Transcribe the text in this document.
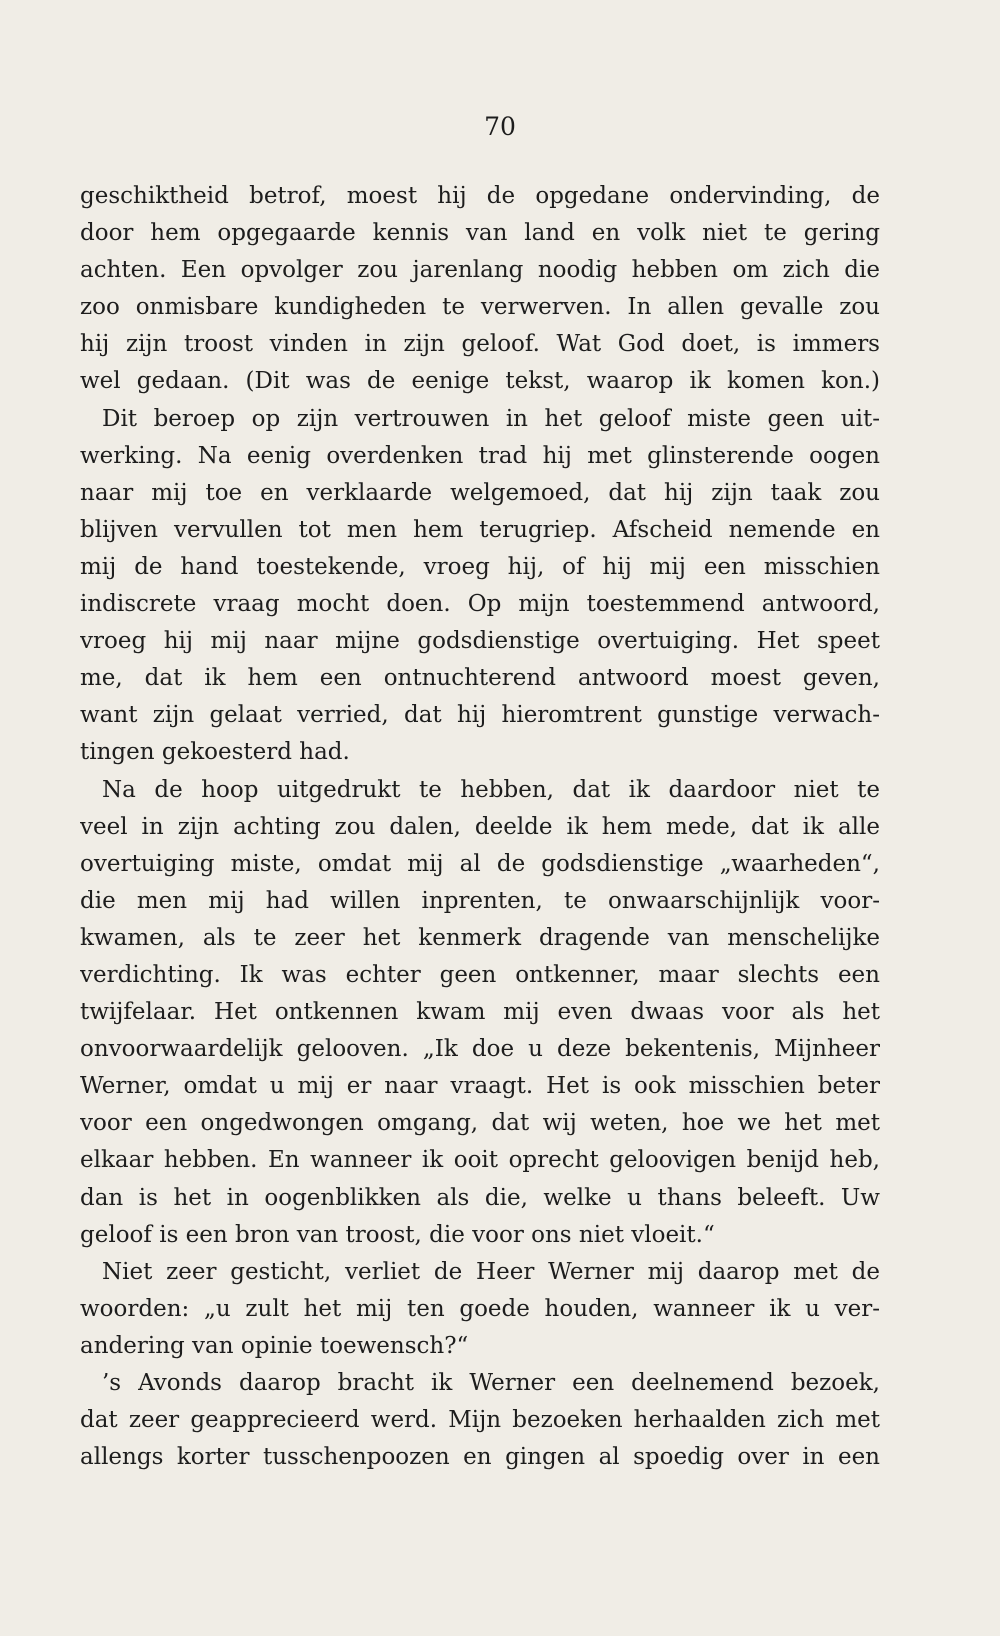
70
geschiktheid betrof, moest hij de opgedane ondervinding, de
door hem opgegaarde kennis van land en volk niet te gering
achten. Een opvolger zou jarenlang noodig hebben om zich die
zoo onmisbare kundigheden te verwerven. In allen gevalle zou
hij zijn troost vinden in zijn geloof. Wat God doet, is immers
wel gedaan. (Dit was de eenige tekst, waarop ik komen kon.)
Dit beroep op zijn vertrouwen in het geloof miste geen uit-
werking. Na eenig overdenken trad hij met glinsterende oogen
naar mij toe en verklaarde welgemoed, dat hij zijn taak zou
blijven vervullen tot men hem terugriep. Afscheid nemende en
mij de hand toestekende, vroeg hij, of hij mij een misschien
indiscrete vraag mocht doen. Op mijn toestemmend antwoord,
vroeg hij mij naar mijne godsdienstige overtuiging. Het speet
me, dat ik hem een ontnuchterend antwoord moest geven,
want zijn gelaat verried, dat hij hieromtrent gunstige verwach-
tingen gekoesterd had.
Na de hoop uitgedrukt te hebben, dat ik daardoor niet te
veel in zijn achting zou dalen, deelde ik hem mede, dat ik alle
overtuiging miste, omdat mij al de godsdienstige „waarheden“,
die men mij had willen inprenten, te onwaarschijnlijk voor-
kwamen, als te zeer het kenmerk dragende van menschelijke
verdichting. Ik was echter geen ontkenner, maar slechts een
twijfelaar. Het ontkennen kwam mij even dwaas voor als het
onvoorwaardelijk gelooven. „Ik doe u deze bekentenis, Mijnheer
Werner, omdat u mij er naar vraagt. Het is ook misschien beter
voor een ongedwongen omgang, dat wij weten, hoe we het met
elkaar hebben. En wanneer ik ooit oprecht geloovigen benijd heb,
dan is het in oogenblikken als die, welke u thans beleeft. Uw
geloof is een bron van troost, die voor ons niet vloeit.“
Niet zeer gesticht, verliet de Heer Werner mij daarop met de
woorden: „u zult het mij ten goede houden, wanneer ik u ver-
andering van opinie toewensch?“
’s Avonds daarop bracht ik Werner een deelnemend bezoek,
dat zeer geapprecieerd werd. Mijn bezoeken herhaalden zich met
allengs korter tusschenpoozen en gingen al spoedig over in een
